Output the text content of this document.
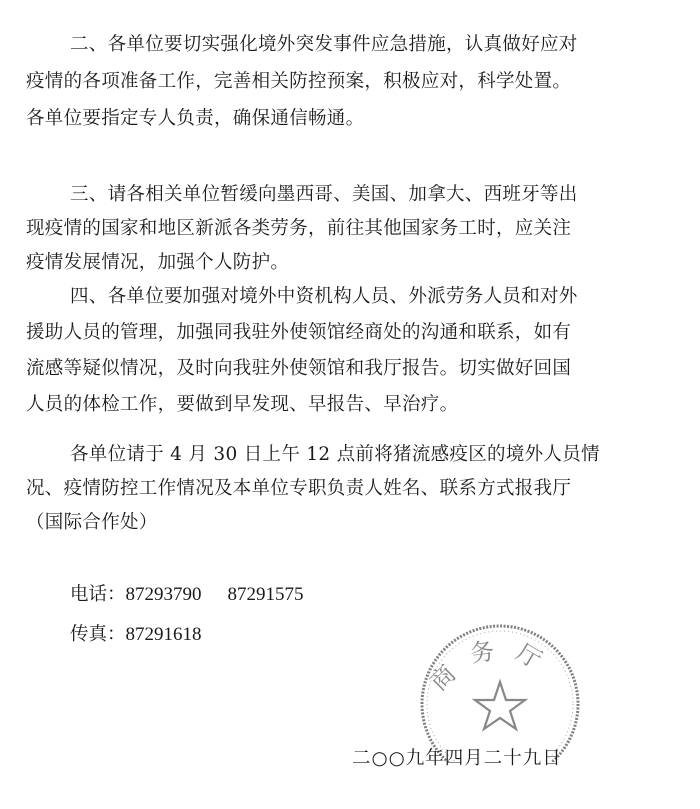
二、各单位要切实强化境外突发事件应急措施，认真做好应对
疫情的各项准备工作，完善相关防控预案，积极应对，科学处置。
各单位要指定专人负责，确保通信畅通。
三、请各相关单位暂缓向墨西哥、美国、加拿大、西班牙等出
现疫情的国家和地区新派各类劳务，前往其他国家务工时，应关注
疫情发展情况，加强个人防护。
四、各单位要加强对境外中资机构人员、外派劳务人员和对外
援助人员的管理，加强同我驻外使领馆经商处的沟通和联系，如有
流感等疑似情况，及时向我驻外使领馆和我厅报告。切实做好回国
人员的体检工作，要做到早发现、早报告、早治疗。
各单位请于 4 月 30 日上午 12 点前将猪流感疫区的境外人员情
况、疫情防控工作情况及本单位专职负责人姓名、联系方式报我厅
（国际合作处）
电话：87293790 87291575
传真：87291618
商务厅
二○○九年四月二十九日
